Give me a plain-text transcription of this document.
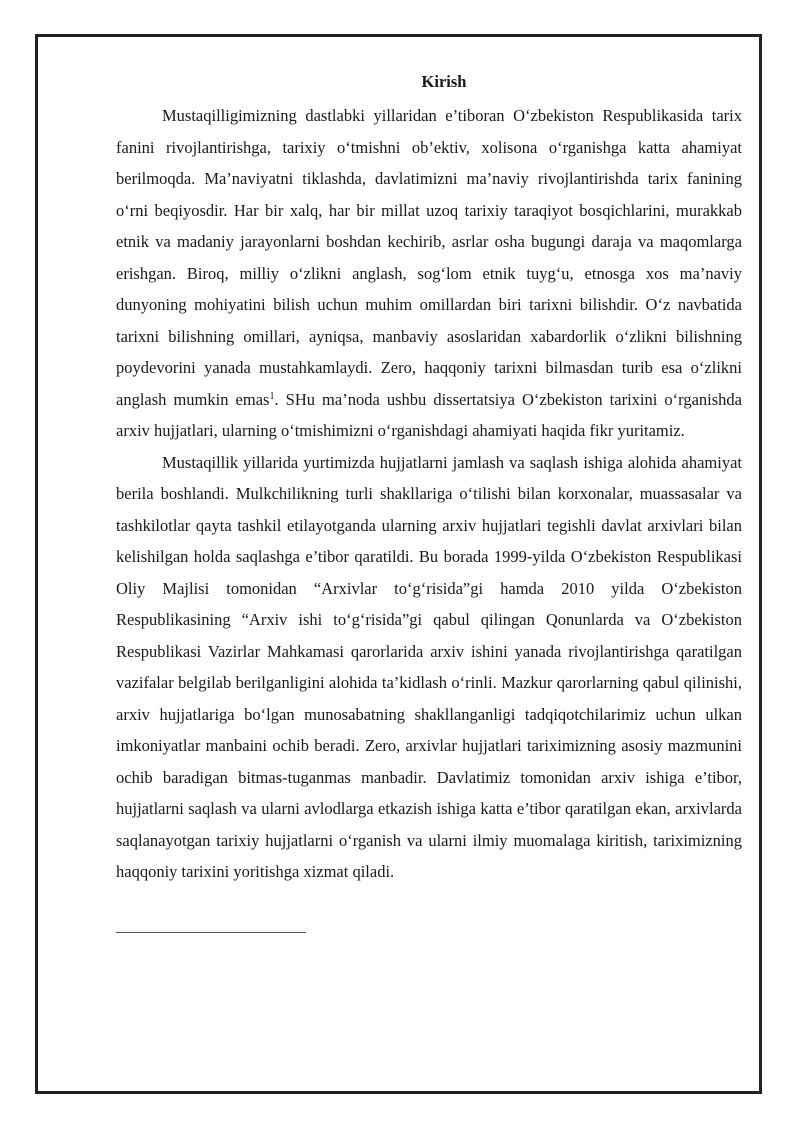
Kirish

Mustaqilligimizning dastlabki yillaridan e’tiboran O‘zbekiston Respublikasida tarix fanini rivojlantirishga, tarixiy o‘tmishni ob’ektiv, xolisona o‘rganishga katta ahamiyat berilmoqda. Ma’naviyatni tiklashda, davlatimizni ma’naviy rivojlantirishda tarix fanining o‘rni beqiyosdir. Har bir xalq, har bir millat uzoq tarixiy taraqiyot bosqichlarini, murakkab etnik va madaniy jarayonlarni boshdan kechirib, asrlar osha bugungi daraja va maqomlarga erishgan. Biroq, milliy o‘zlikni anglash, sog‘lom etnik tuyg‘u, etnosga xos ma’naviy dunyoning mohiyatini bilish uchun muhim omillardan biri tarixni bilishdir. O‘z navbatida tarixni bilishning omillari, ayniqsa, manbaviy asoslaridan xabardorlik o‘zlikni bilishning poydevorini yanada mustahkamlaydi. Zero, haqqoniy tarixni bilmasdan turib esa o‘zlikni anglash mumkin emas$^1$. SHu ma’noda ushbu dissertatsiya O‘zbekiston tarixini o‘rganishda arxiv hujjatlari, ularning o‘tmishimizni o‘rganishdagi ahamiyati haqida fikr yuritamiz.

Mustaqillik yillarida yurtimizda hujjatlarni jamlash va saqlash ishiga alohida ahamiyat berila boshlandi. Mulkchilikning turli shakllariga o‘tilishi bilan korxonalar, muassasalar va tashkilotlar qayta tashkil etilayotganda ularning arxiv hujjatlari tegishli davlat arxivlari bilan kelishilgan holda saqlashga e’tibor qaratildi. Bu borada 1999-yilda O‘zbekiston Respublikasi Oliy Majlisi tomonidan “Arxivlar to‘g‘risida”gi hamda 2010 yilda O‘zbekiston Respublikasining “Arxiv ishi to‘g‘risida”gi qabul qilingan Qonunlarda va O‘zbekiston Respublikasi Vazirlar Mahkamasi qarorlarida arxiv ishini yanada rivojlantirishga qaratilgan vazifalar belgilab berilganligini alohida ta’kidlash o‘rinli. Mazkur qarorlarning qabul qilinishi, arxiv hujjatlariga bo‘lgan munosabatning shakllanganligi tadqiqotchilarimiz uchun ulkan imkoniyatlar manbaini ochib beradi. Zero, arxivlar hujjatlari tariximizning asosiy mazmunini ochib baradigan bitmas-tuganmas manbadir. Davlatimiz tomonidan arxiv ishiga e’tibor, hujjatlarni saqlash va ularni avlodlarga etkazish ishiga katta e’tibor qaratilgan ekan, arxivlarda saqlanayotgan tarixiy hujjatlarni o‘rganish va ularni ilmiy muomalaga kiritish, tariximizning haqqoniy tarixini yoritishga xizmat qiladi.
